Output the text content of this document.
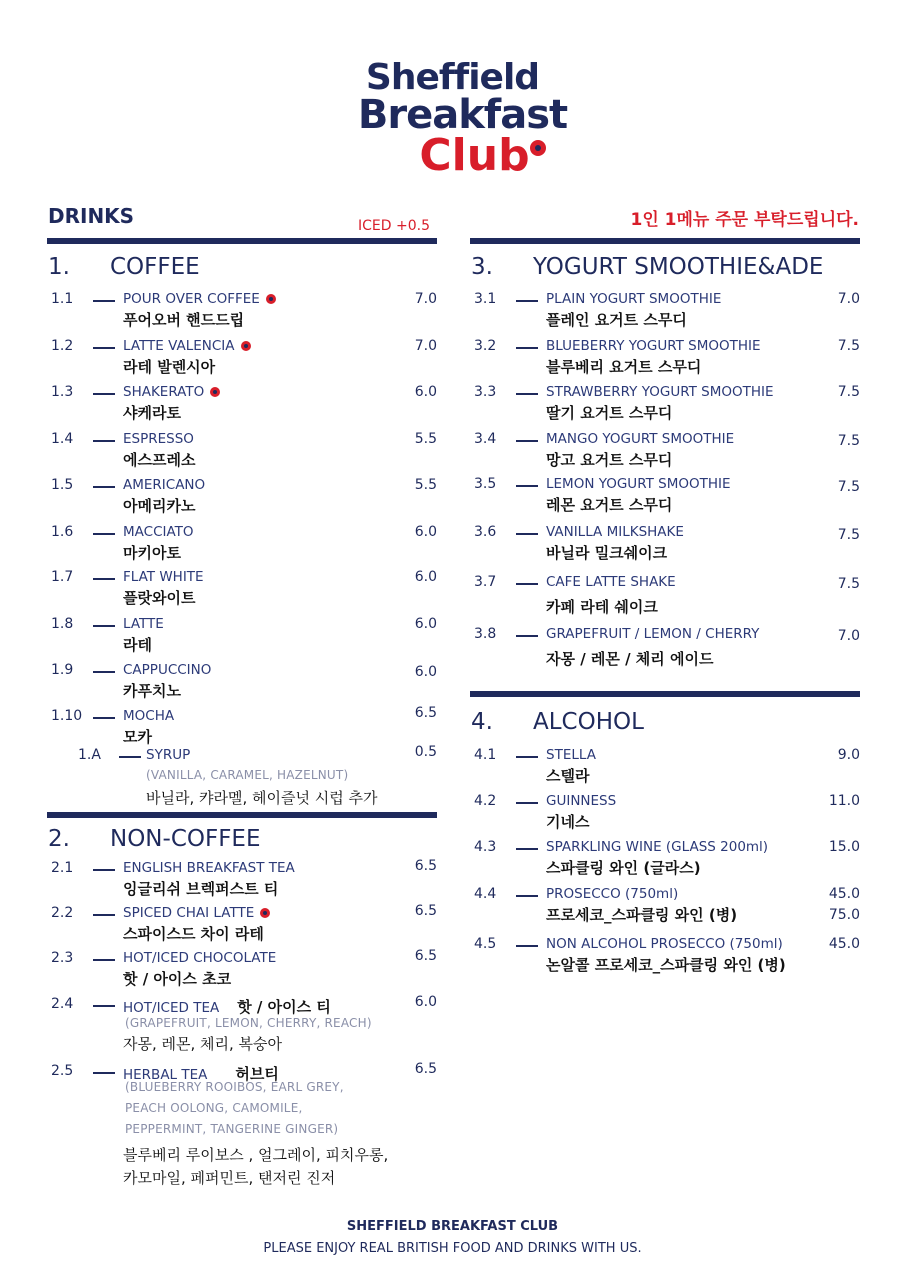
Sheffield
Breakfast
Club
DRINKS	ICED +0.5	1인 1메뉴 주문 부탁드립니다.
1. COFFEE
1.1	POUR OVER COFFEE
푸어오버 핸드드립
7.0
1.2	LATTE VALENCIA
라테 발렌시아
7.0
1.3	SHAKERATO
샤케라토
6.0
1.4	ESPRESSO
에스프레소
5.5
1.5	AMERICANO
아메리카노
5.5
1.6	MACCIATO
마키아토
6.0
1.7	FLAT WHITE
플랏와이트
6.0
1.8	LATTE
라테
6.0
1.9	CAPPUCCINO
카푸치노
6.0
1.10	MOCHA
모카
6.5
1.A	SYRUP
(VANILLA, CARAMEL, HAZELNUT)
바닐라, 캬라멜, 헤이즐넛 시럽 추가
0.5
2. NON-COFFEE
2.1	ENGLISH BREAKFAST TEA
잉글리쉬 브렉퍼스트 티
6.5
2.2	SPICED CHAI LATTE
스파이스드 차이 라테
6.5
2.3	HOT/ICED CHOCOLATE
핫 / 아이스 초코
6.5
2.4	HOT/ICED TEA 핫 / 아이스 티
(GRAPEFRUIT, LEMON, CHERRY, REACH)
자몽, 레몬, 체리, 복숭아
6.0
2.5	HERBAL TEA 허브티
(BLUEBERRY ROOIBOS, EARL GREY,
PEACH OOLONG, CAMOMILE,
PEPPERMINT, TANGERINE GINGER)
블루베리 루이보스 , 얼그레이, 피치우롱,
카모마일, 페퍼민트, 탠저린 진저
6.5
3. YOGURT SMOOTHIE&ADE
3.1	PLAIN YOGURT SMOOTHIE
플레인 요거트 스무디
7.0
3.2	BLUEBERRY YOGURT SMOOTHIE
블루베리 요거트 스무디
7.5
3.3	STRAWBERRY YOGURT SMOOTHIE
딸기 요거트 스무디
7.5
3.4	MANGO YOGURT SMOOTHIE
망고 요거트 스무디
7.5
3.5	LEMON YOGURT SMOOTHIE
레몬 요거트 스무디
7.5
3.6	VANILLA MILKSHAKE
바닐라 밀크쉐이크
7.5
3.7	CAFE LATTE SHAKE
카페 라테 쉐이크
7.5
3.8	GRAPEFRUIT / LEMON / CHERRY
자몽 / 레몬 / 체리 에이드
7.0
4. ALCOHOL
4.1	STELLA
스텔라
9.0
4.2	GUINNESS
기네스
11.0
4.3	SPARKLING WINE (GLASS 200ml)
스파클링 와인 (글라스)
15.0
4.4	PROSECCO (750ml)
프로세코_스파클링 와인 (병)
45.0
75.0
4.5	NON ALCOHOL PROSECCO (750ml)
논알콜 프로세코_스파클링 와인 (병)
45.0
SHEFFIELD BREAKFAST CLUB
PLEASE ENJOY REAL BRITISH FOOD AND DRINKS WITH US.
